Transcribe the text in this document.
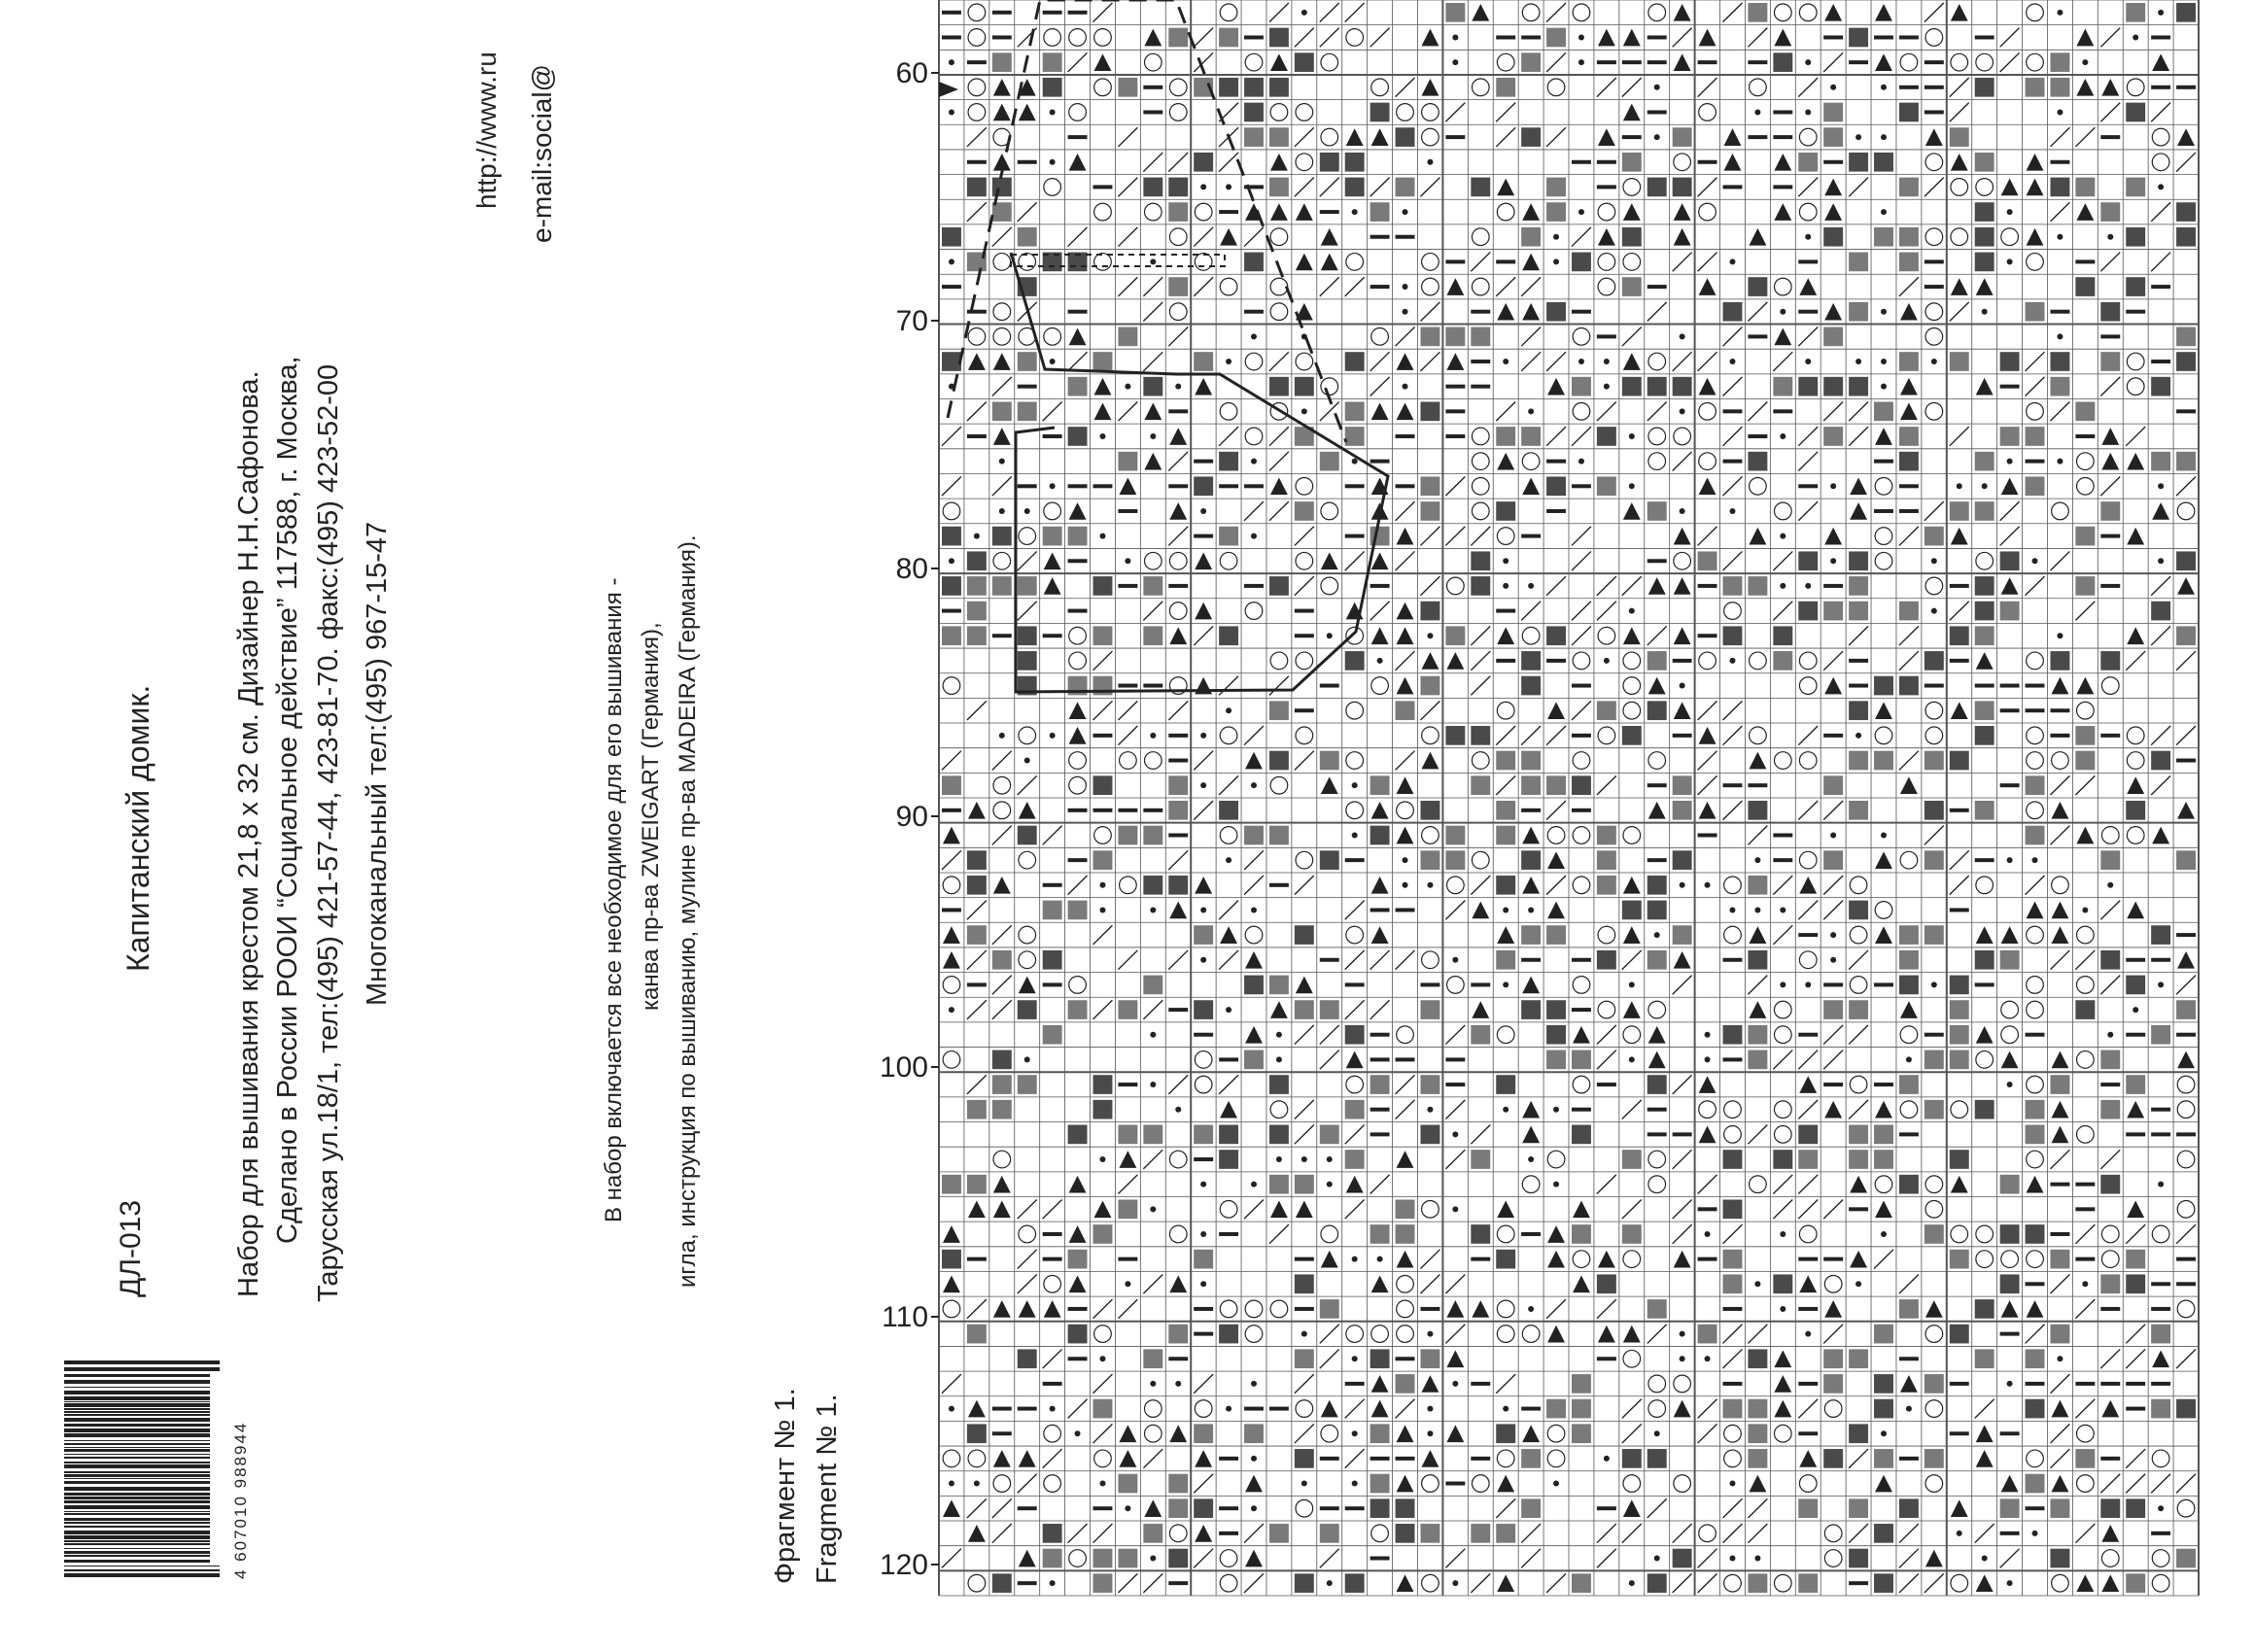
4 607010 988944
ДЛ-013
Капитанский домик.	Набор для вышивания крестом 21,8 х 32 см. Дизайнер Н.Н.Сафонова. Сделано в России РООИ “Социальное действие” 117588, г. Москва, Тарусская ул.18/1, тел:(495) 421-57-44, 423-81-70. факс:(495) 423-52-00 Многоканальный тел:(495) 967-15-47
http://www.ru e-mail:social@
В набор включается все необходимое для его вышивания - канва пр-ва ZWEIGART (Германия), игла, инструкция по вышиванию, мулине пр-ва MADEIRA (Германия).
Фрагмент № 1. Fragment № 1.
60
70
80
90
100
110
120
